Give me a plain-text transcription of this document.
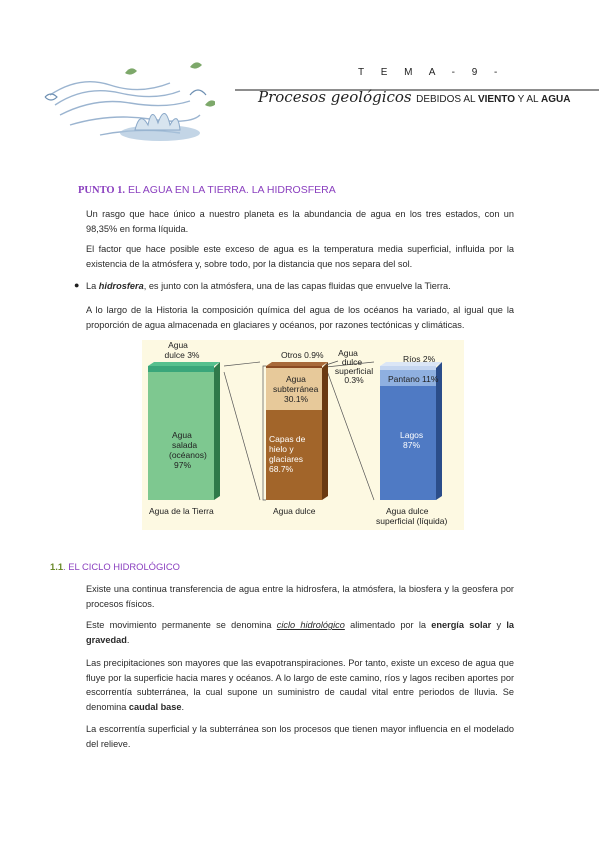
T E M A - 9 -
Procesos geológicos DEBIDOS AL VIENTO Y AL AGUA
PUNTO 1. EL AGUA EN LA TIERRA. LA HIDROSFERA
Un rasgo que hace único a nuestro planeta es la abundancia de agua en los tres estados, con un 98,35% en forma líquida.
El factor que hace posible este exceso de agua es la temperatura media superficial, influida por la existencia de la atmósfera y, sobre todo, por la distancia que nos separa del sol.
● La hidrosfera, es junto con la atmósfera, una de las capas fluidas que envuelve la Tierra.
A lo largo de la Historia la composición química del agua de los océanos ha variado, al igual que la proporción de agua almacenada en glaciares y océanos, por razones tectónicas y climáticas.
Agua
dulce 3%
Agua
salada
(océanos)
97%
Agua de la Tierra
Otros 0.9%
Agua
subterránea
30.1%
Capas de
hielo y
glaciares
68.7%
Agua dulce
Agua
dulce
superficial
0.3%
Ríos 2%
Pantano 11%
Lagos
87%
Agua dulce
superficial (líquida)
1.1. EL CICLO HIDROLÓGICO
Existe una continua transferencia de agua entre la hidrosfera, la atmósfera, la biosfera y la geosfera por procesos físicos.
Este movimiento permanente se denomina ciclo hidrológico alimentado por la energía solar y la gravedad.
Las precipitaciones son mayores que las evapotranspiraciones. Por tanto, existe un exceso de agua que fluye por la superficie hacia mares y océanos. A lo largo de este camino, ríos y lagos reciben aportes por escorrentía subterránea, la cual supone un suministro de caudal vital entre periodos de lluvia. Se denomina caudal base.
La escorrentía superficial y la subterránea son los procesos que tienen mayor influencia en el modelado del relieve.
